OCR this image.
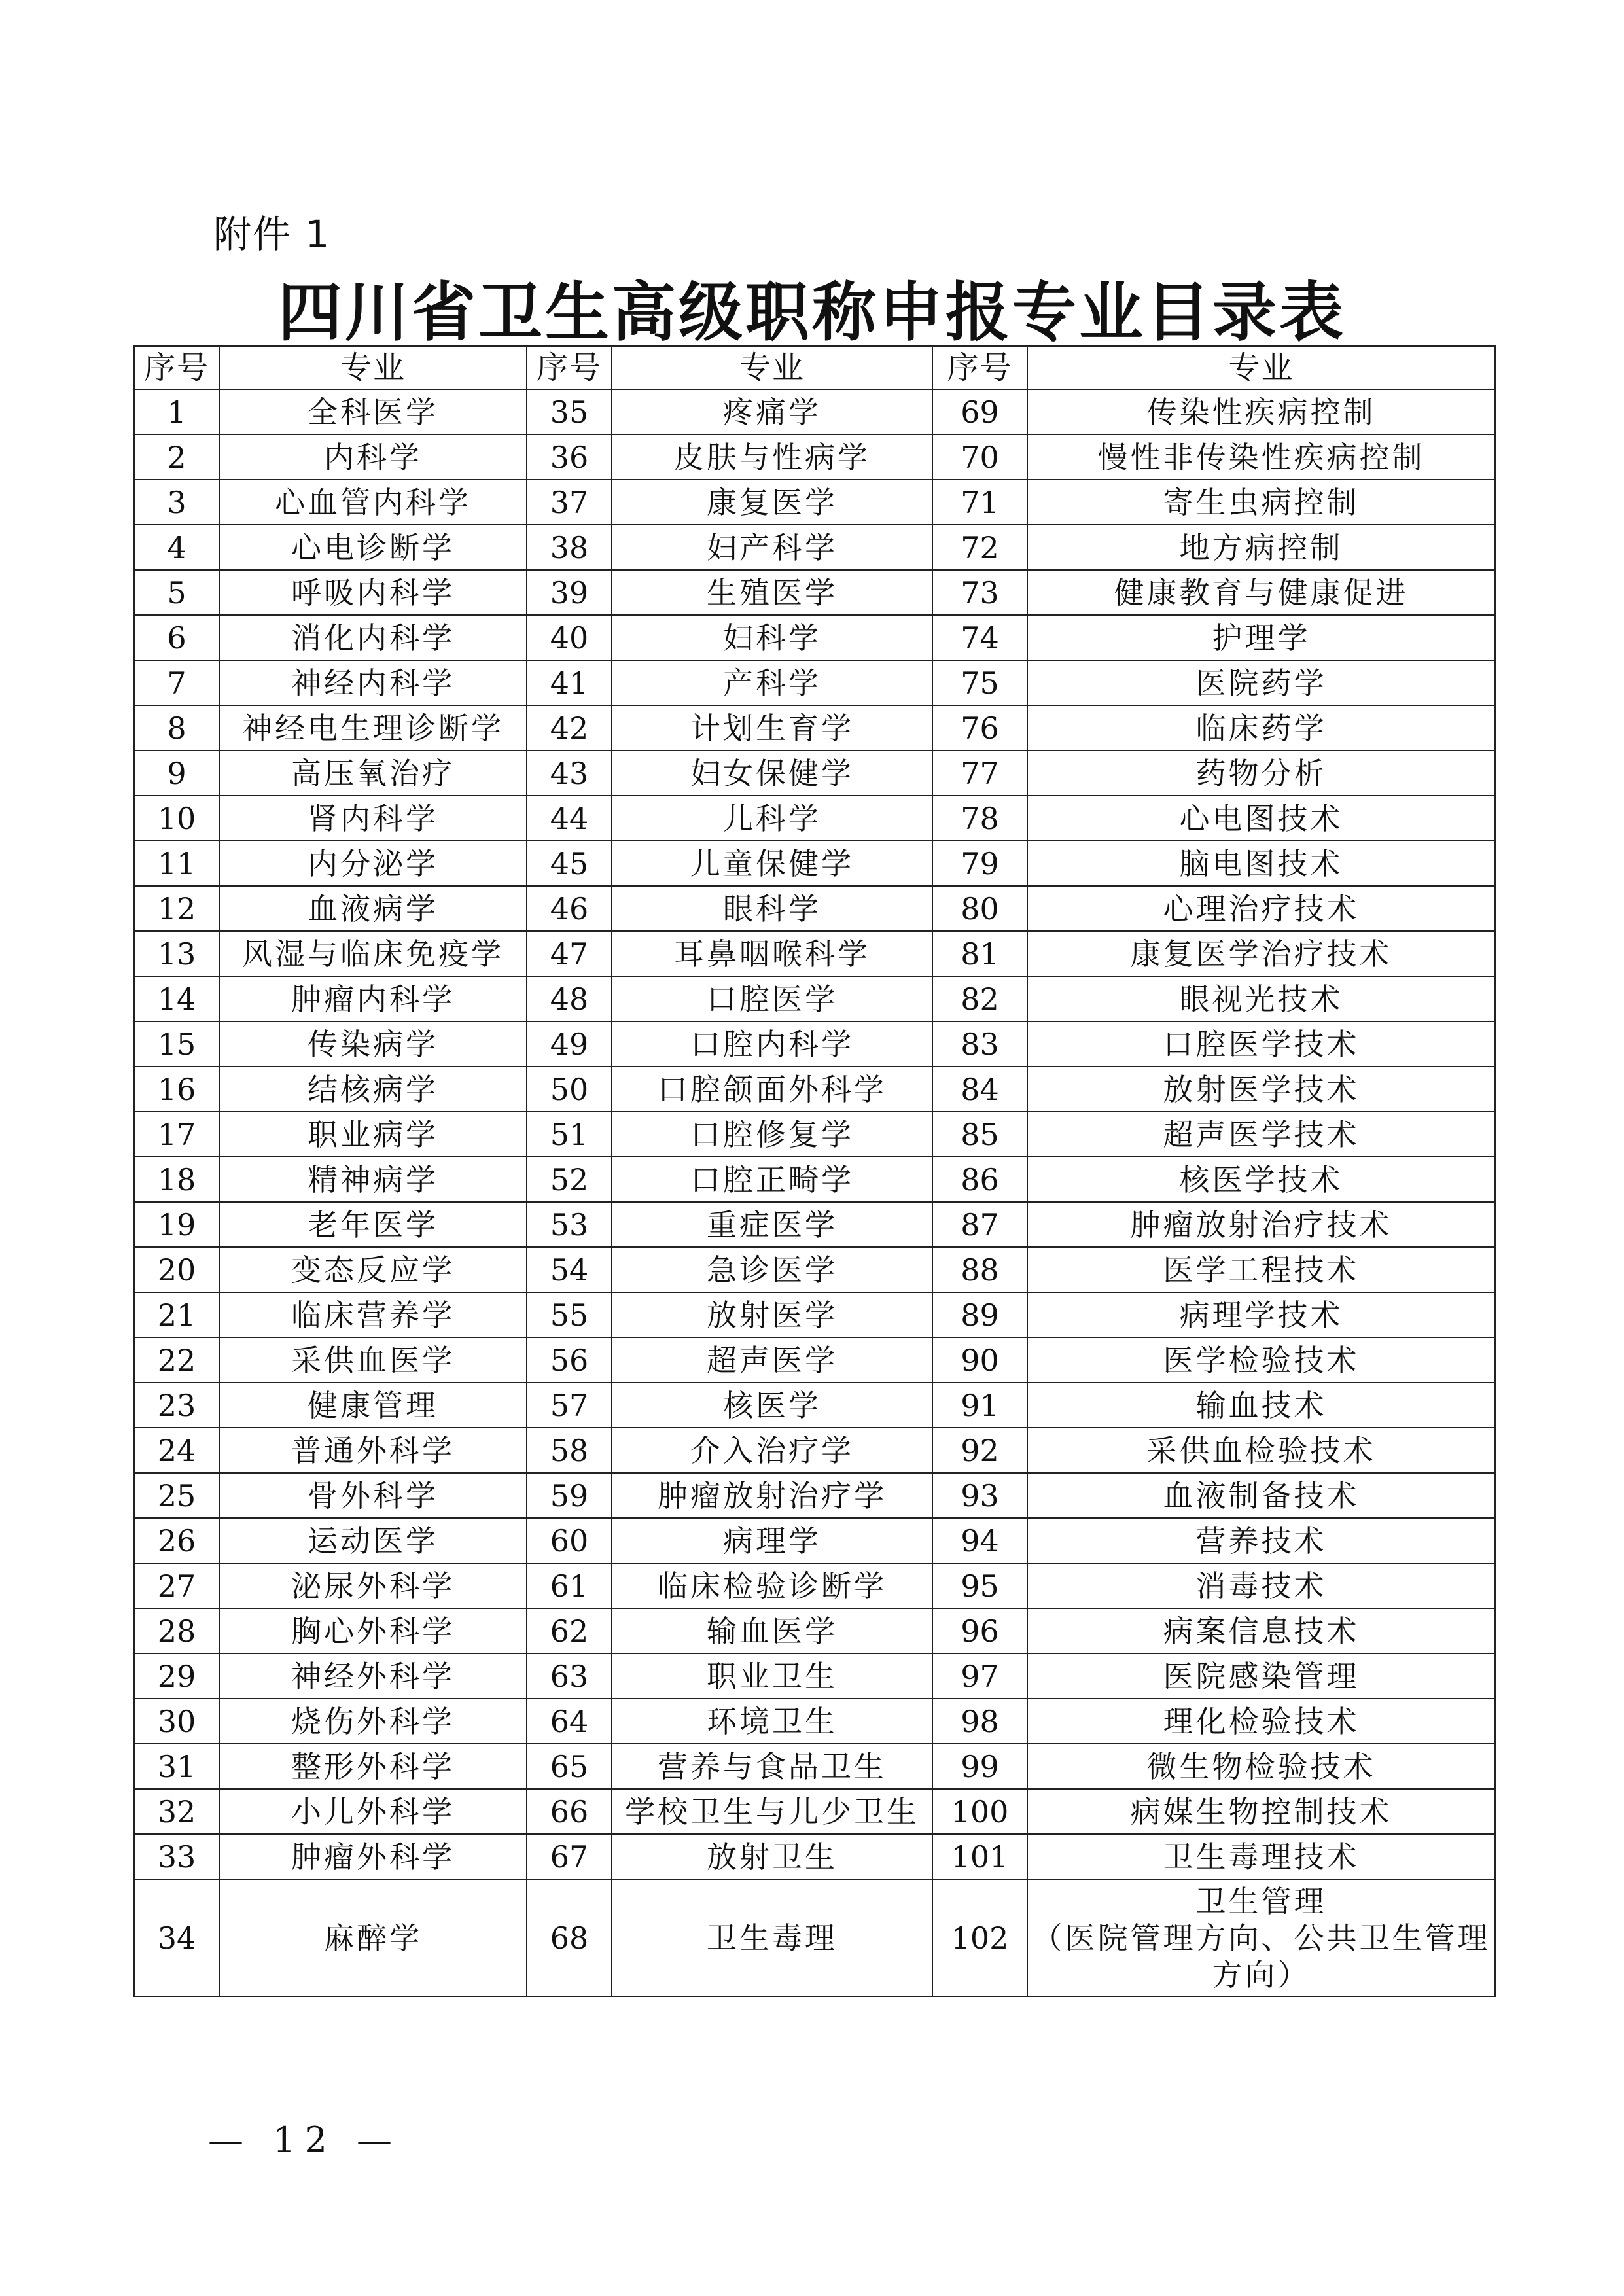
附件 1
四川省卫生高级职称申报专业目录表
序号	专业	序号	专业	序号	专业
1	全科医学	35	疼痛学	69	传染性疾病控制
2	内科学	36	皮肤与性病学	70	慢性非传染性疾病控制
3	心血管内科学	37	康复医学	71	寄生虫病控制
4	心电诊断学	38	妇产科学	72	地方病控制
5	呼吸内科学	39	生殖医学	73	健康教育与健康促进
6	消化内科学	40	妇科学	74	护理学
7	神经内科学	41	产科学	75	医院药学
8	神经电生理诊断学	42	计划生育学	76	临床药学
9	高压氧治疗	43	妇女保健学	77	药物分析
10	肾内科学	44	儿科学	78	心电图技术
11	内分泌学	45	儿童保健学	79	脑电图技术
12	血液病学	46	眼科学	80	心理治疗技术
13	风湿与临床免疫学	47	耳鼻咽喉科学	81	康复医学治疗技术
14	肿瘤内科学	48	口腔医学	82	眼视光技术
15	传染病学	49	口腔内科学	83	口腔医学技术
16	结核病学	50	口腔颌面外科学	84	放射医学技术
17	职业病学	51	口腔修复学	85	超声医学技术
18	精神病学	52	口腔正畸学	86	核医学技术
19	老年医学	53	重症医学	87	肿瘤放射治疗技术
20	变态反应学	54	急诊医学	88	医学工程技术
21	临床营养学	55	放射医学	89	病理学技术
22	采供血医学	56	超声医学	90	医学检验技术
23	健康管理	57	核医学	91	输血技术
24	普通外科学	58	介入治疗学	92	采供血检验技术
25	骨外科学	59	肿瘤放射治疗学	93	血液制备技术
26	运动医学	60	病理学	94	营养技术
27	泌尿外科学	61	临床检验诊断学	95	消毒技术
28	胸心外科学	62	输血医学	96	病案信息技术
29	神经外科学	63	职业卫生	97	医院感染管理
30	烧伤外科学	64	环境卫生	98	理化检验技术
31	整形外科学	65	营养与食品卫生	99	微生物检验技术
32	小儿外科学	66	学校卫生与儿少卫生	100	病媒生物控制技术
33	肿瘤外科学	67	放射卫生	101	卫生毒理技术
34	麻醉学	68	卫生毒理	102	卫生管理
（医院管理方向、公共卫生管理
方向）
— 12 —
